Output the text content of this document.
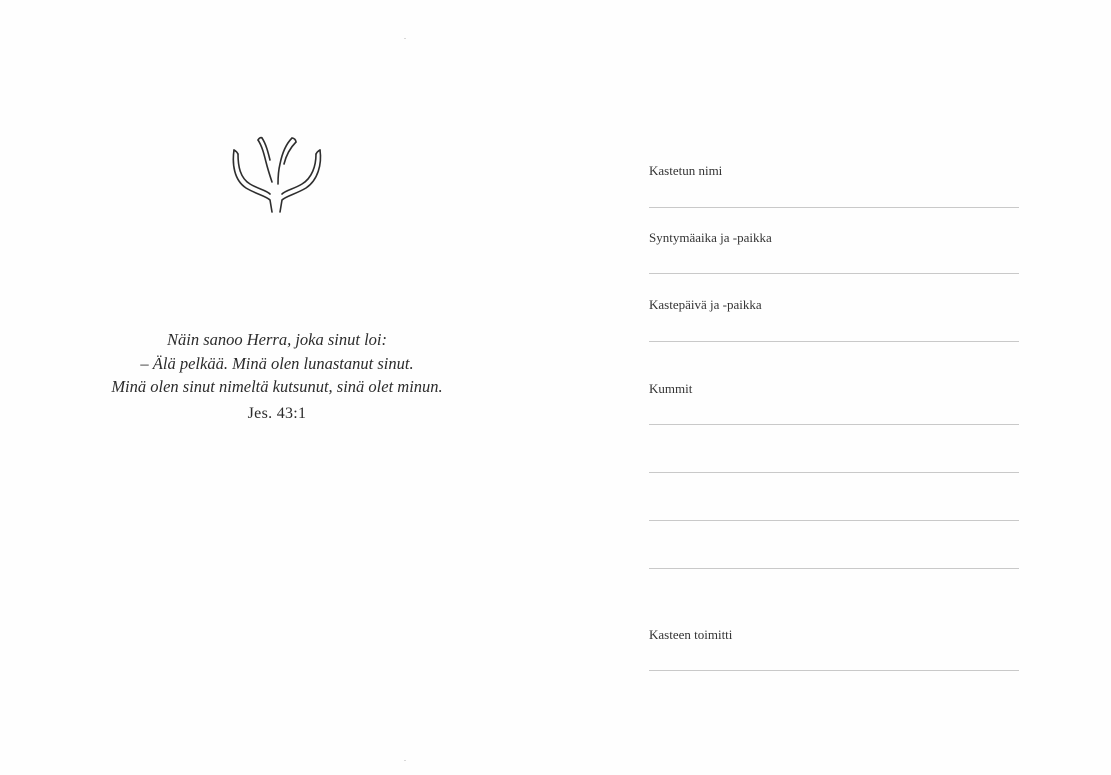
Näin sanoo Herra, joka sinut loi:
– Älä pelkää. Minä olen lunastanut sinut.
Minä olen sinut nimeltä kutsunut, sinä olet minun.
Jes. 43:1
Kastetun nimi
Syntymäaika ja -paikka
Kastepäivä ja -paikka
Kummit
Kasteen toimitti
